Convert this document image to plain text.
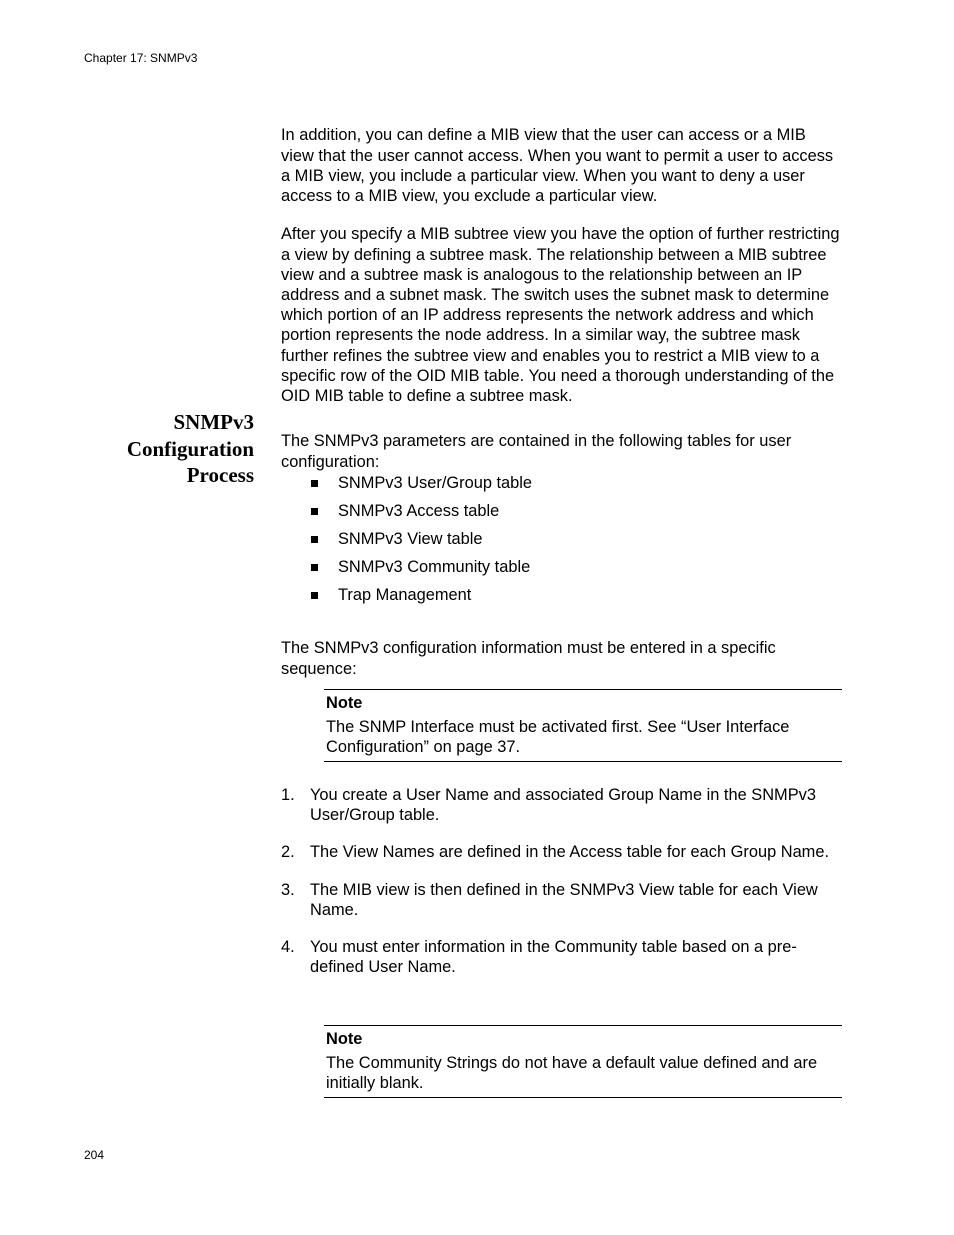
Chapter 17: SNMPv3

In addition, you can define a MIB view that the user can access or a MIB view that the user cannot access. When you want to permit a user to access a MIB view, you include a particular view. When you want to deny a user access to a MIB view, you exclude a particular view.

After you specify a MIB subtree view you have the option of further restricting a view by defining a subtree mask. The relationship between a MIB subtree view and a subtree mask is analogous to the relationship between an IP address and a subnet mask. The switch uses the subnet mask to determine which portion of an IP address represents the network address and which portion represents the node address. In a similar way, the subtree mask further refines the subtree view and enables you to restrict a MIB view to a specific row of the OID MIB table. You need a thorough understanding of the OID MIB table to define a subtree mask.

SNMPv3
Configuration
Process

The SNMPv3 parameters are contained in the following tables for user configuration:

SNMPv3 User/Group table
SNMPv3 Access table
SNMPv3 View table
SNMPv3 Community table
Trap Management

The SNMPv3 configuration information must be entered in a specific sequence:

Note

The SNMP Interface must be activated first. See “User Interface Configuration” on page 37.

1. You create a User Name and associated Group Name in the SNMPv3 User/Group table.
2. The View Names are defined in the Access table for each Group Name.
3. The MIB view is then defined in the SNMPv3 View table for each View Name.
4. You must enter information in the Community table based on a pre-defined User Name.

Note

The Community Strings do not have a default value defined and are initially blank.

204
